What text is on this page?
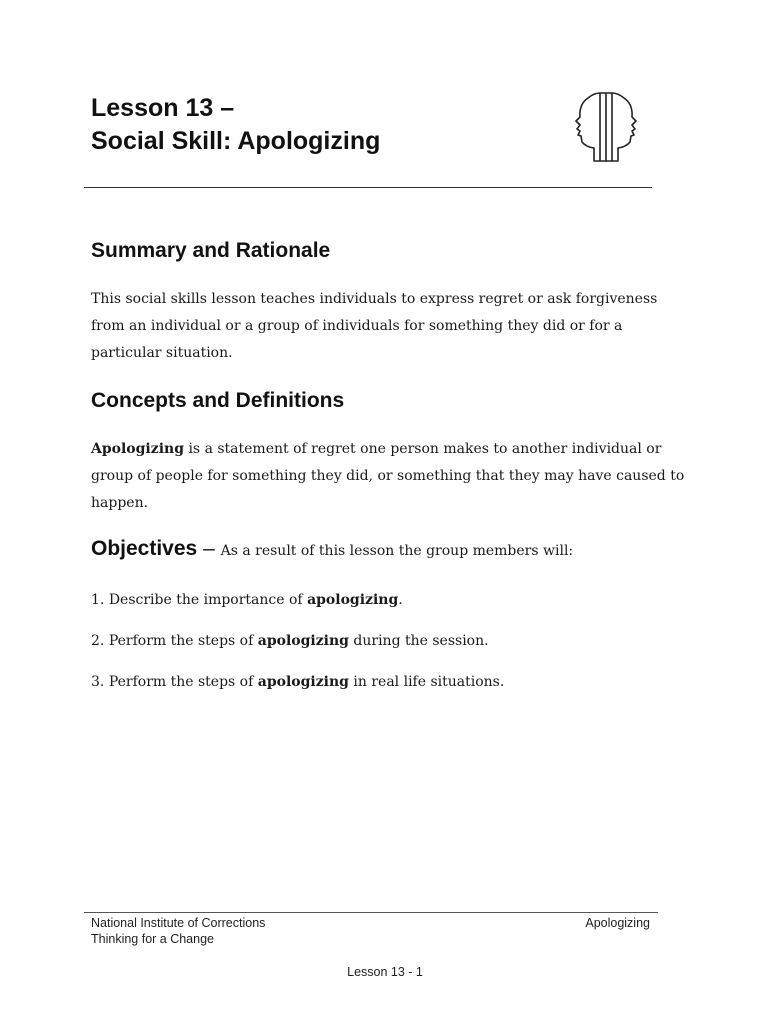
Lesson 13 –
Social Skill: Apologizing
Summary and Rationale

This social skills lesson teaches individuals to express regret or ask forgiveness from an individual or a group of individuals for something they did or for a particular situation.

Concepts and Definitions

Apologizing is a statement of regret one person makes to another individual or group of people for something they did, or something that they may have caused to happen.

Objectives – As a result of this lesson the group members will:
1. Describe the importance of apologizing.
2. Perform the steps of apologizing during the session.
3. Perform the steps of apologizing in real life situations.

National Institute of Corrections

Thinking for a Change

Apologizing

Lesson 13 - 1
